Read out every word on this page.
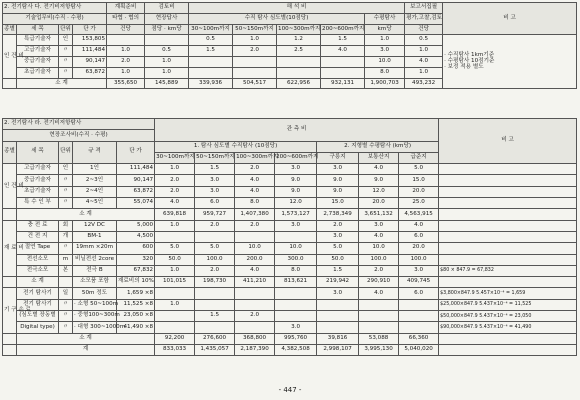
2. 전기탐사 다. 전기비저항탐사				계획준비	검토비	해 석 비					보고서집필	비 고
기술업무비(수직 · 수평)				타협 · 협의	현장답사	수직 탐사 심도별(10점당)				수평탐사	평가,고찰,검토	
종별	세 목	단위	단 가	건당	점당 · km당	30~100m까지	50~150m까지	100~300m까지	200~600m까지	km당	건당	
인 건 비	특급기술자	인	153,805			0.5	1.0	1.2	1.5	1.0	0.5	· 수직탐사 1km기준
· 수평탐사 10점기준
· 보정 적용 별도

	고급기술자	〃	111,484	1.0	0.5	1.5	2.0	2.5	4.0	3.0	1.0	
	중급기술자	〃	90,147	2.0	1.0					10.0	4.0	
	초급기술자	〃	63,872	1.0	1.0					8.0	1.0	
	소 계			355,650	145,889	339,936	504,517	622,956	932,131	1,900,703	493,232	
2. 전기탐사 라. 전기비저항탐사					관 측 비							비 고
현장조사비(수직 · 수평)												
종별	세 목	단위	규 격	단 가	1. 탐사 심도별 수직탐사 (10점당)				2. 지형별 수평탐사 (km당)			
					30~100m까지	50~150m까지	100~300m까지	200~600m까지	구릉지	보통산지	급준지	
인 건 비	고급기술자	인	1인	111,484	1.0	1.5	2.0	3.0	3.0	4.0	5.0	
	중급기술자	〃	2~3인	90,147	2.0	3.0	4.0	9.0	9.0	9.0	15.0	
	초급기술자	〃	2~4인	63,872	2.0	3.0	4.0	9.0	9.0	12.0	20.0	
	특 수 인 부	〃	4~5인	55,074	4.0	6.0	8.0	12.0	15.0	20.0	25.0	
	소 계				639,818	959,727	1,407,380	1,573,127	2,738,349	3,651,132	4,563,915	
재 료 비	충 전 료	회	12V DC	5,000	1.0	2.0	2.0	3.0	2.0	3.0	4.0	
	건 전 지	개	BM-1	4,500					3.0	4.0	6.0	
	절연 Tape	〃	19mm ×20m	600	5.0	5.0	10.0	10.0	5.0	10.0	20.0	
	전선소모	m	비닐전선 2core	320	50.0	100.0	200.0	300.0	50.0	100.0	100.0	
	전극소모	본	전극 B	67,832	1.0	2.0	4.0	8.0	1.5	2.0	3.0	$80 × 847.9 = 67,832
	소 계		소모품 포함	재료비의 10%	101,015	198,730	411,210	813,621	219,942	290,910	409,745	
기 구 손 료	전기 탐사기	일	50m 정도	1,659 ×8					3.0	4.0	6.0	$3,800×847.9 5.457×10⁻⁴ = 1,659
	전기 탐사기	〃	· 소형 50~100m	11,525 ×8	1.0							$25,000×847.9 5.437×10⁻⁴ = 11,525
	(심도별 장동별	〃	· 중형100~300m	23,050 ×8		1.5	2.0					$50,000×847.9 5.437×10⁻⁴ = 23,050
	Digital type)	〃	· 대형 300~1000m	41,490 ×8				3.0				$90,000×847.9 5.437×10⁻⁴ = 41,490
	소 계				92,200	276,600	368,800	995,760	39,816	53,088	66,360	
	계				833,033	1,435,057	2,187,390	4,382,508	2,998,107	3,995,130	5,040,020	
- 447 -
